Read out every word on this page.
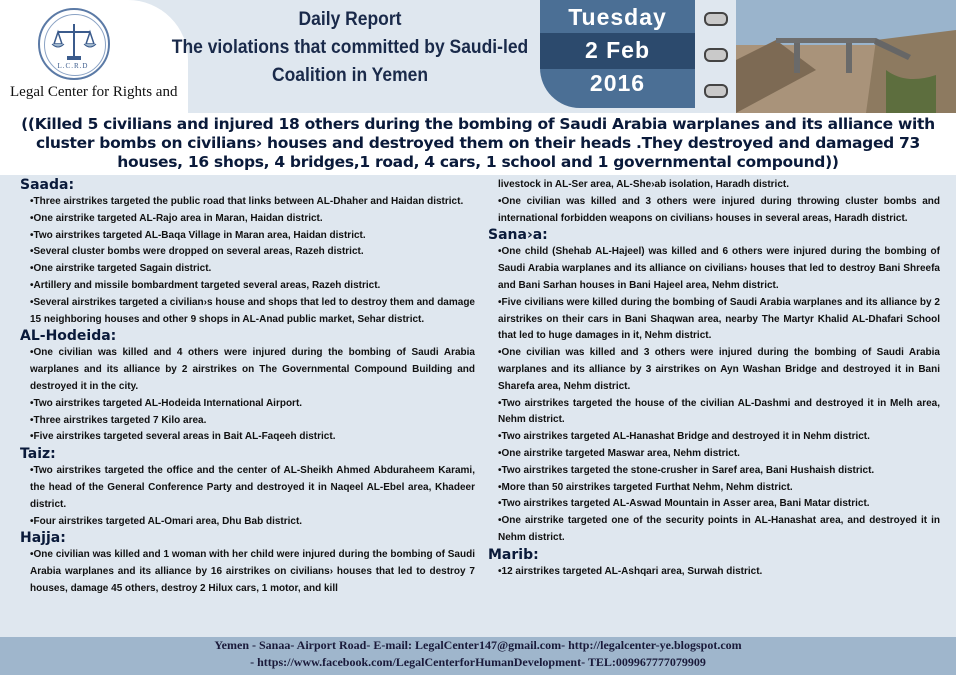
L.C.R.D
Legal Center for Rights and
Daily Report
The violations that committed by Saudi-led
Coalition in Yemen
Tuesday
2 Feb
2016

((Killed 5 civilians and injured 18 others during the bombing of Saudi Arabia warplanes and its alliance with cluster bombs on civilians› houses and destroyed them on their heads .They destroyed and damaged 73 houses, 16 shops, 4 bridges,1 road, 4 cars, 1 school and 1 governmental compound))

Saada:

•Three airstrikes targeted the public road that links between AL-Dhaher and Haidan district.

•One airstrike targeted AL-Rajo area in Maran, Haidan district.

•Two airstrikes targeted AL-Baqa Village in Maran area, Haidan district.

•Several cluster bombs were dropped on several areas, Razeh district.

•One airstrike targeted Sagain district.

•Artillery and missile bombardment targeted several areas, Razeh district.

•Several airstrikes targeted a civilian›s house and shops that led to destroy them and damage 15 neighboring houses and other 9 shops in AL-Anad public market, Sehar district.

AL-Hodeida:

•One civilian was killed and 4 others were injured during the bombing of Saudi Arabia warplanes and its alliance by 2 airstrikes on The Governmental Compound Building and destroyed it in the city.

•Two airstrikes targeted AL-Hodeida International Airport.

•Three airstrikes targeted 7 Kilo area.

•Five airstrikes targeted several areas in Bait AL-Faqeeh district.

Taiz:

•Two airstrikes targeted the office and the center of AL-Sheikh Ahmed Abduraheem Karami, the head of the General Conference Party and destroyed it in Naqeel AL-Ebel area, Khadeer district.

•Four airstrikes targeted AL-Omari area, Dhu Bab district.

Hajja:

•One civilian was killed and 1 woman with her child were injured during the bombing of Saudi Arabia warplanes and its alliance by 16 airstrikes on civilians› houses that led to destroy 7 houses, damage 45 others, destroy 2 Hilux cars, 1 motor, and kill

livestock in AL-Ser area, AL-She›ab isolation, Haradh district.

•One civilian was killed and 3 others were injured during throwing cluster bombs and international forbidden weapons on civilians› houses in several areas, Haradh district.

Sana›a:

•One child (Shehab AL-Hajeel) was killed and 6 others were injured during the bombing of Saudi Arabia warplanes and its alliance on civilians› houses that led to destroy Bani Shreefa and Bani Sarhan houses in Bani Hajeel area, Nehm district.

•Five civilians were killed during the bombing of Saudi Arabia warplanes and its alliance by 2 airstrikes on their cars in Bani Shaqwan area, nearby The Martyr Khalid AL-Dhafari School that led to huge damages in it, Nehm district.

•One civilian was killed and 3 others were injured during the bombing of Saudi Arabia warplanes and its alliance by 3 airstrikes on Ayn Washan Bridge and destroyed it in Bani Sharefa area, Nehm district.

•Two airstrikes targeted the house of the civilian AL-Dashmi and destroyed it in Melh area, Nehm district.

•Two airstrikes targeted AL-Hanashat Bridge and destroyed it in Nehm district.

•One airstrike targeted Maswar area, Nehm district.

•Two airstrikes targeted the stone-crusher in Saref area, Bani Hushaish district.

•More than 50 airstrikes targeted Furthat Nehm, Nehm district.

•Two airstrikes targeted AL-Aswad Mountain in Asser area, Bani Matar district.

•One airstrike targeted one of the security points in AL-Hanashat area, and destroyed it in Nehm district.

Marib:

•12 airstrikes targeted AL-Ashqari area, Surwah district.

Yemen - Sanaa- Airport Road- E-mail: LegalCenter147@gmail.com- http://legalcenter-ye.blogspot.com

- https://www.facebook.com/LegalCenterforHumanDevelopment- TEL:009967777079909
